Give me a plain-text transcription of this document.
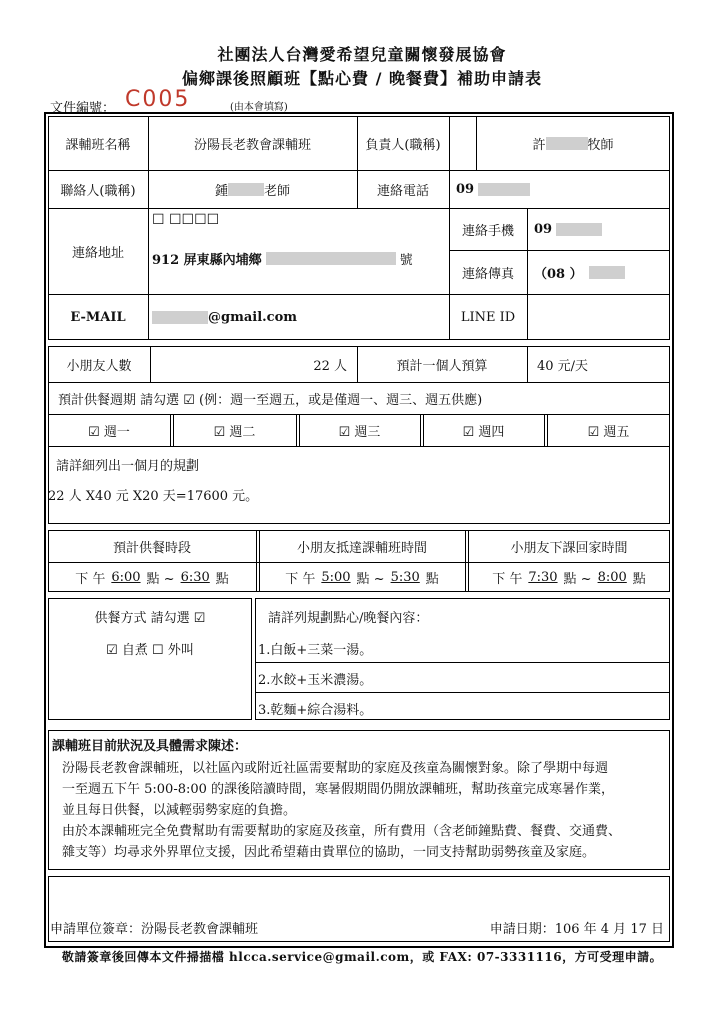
社團法人台灣愛希望兒童關懷發展協會
偏鄉課後照顧班【點心費 / 晚餐費】補助申請表
文件編號： C005	(由本會填寫)
課輔班名稱	汾陽長老教會課輔班	負責人(職稱)	許	牧師
聯絡人(職稱)	鍾	老師	連絡電話	09
連絡地址
☐ ☐☐☐☐
912 屏東縣內埔鄉	號
連絡手機	09
連絡傳真	（08 ）
E-MAIL	@gmail.com	LINE ID
小朋友人數	22 人	預計一個人預算	40 元/天
預計供餐週期 請勾選 ☑ (例：週一至週五，或是僅週一、週三、週五供應)
☑ 週一	☑ 週二	☑ 週三	☑ 週四	☑ 週五
請詳細列出一個月的規劃
22 人 X40 元 X20 天=17600 元。
預計供餐時段	小朋友抵達課輔班時間	小朋友下課回家時間
下 午 6:00 點 ~ 6:30 點	下 午 5:00 點 ~ 5:30 點	下 午 7:30 點 ~ 8:00 點
供餐方式 請勾選 ☑
☑ 自煮 ☐ 外叫
請詳列規劃點心/晚餐內容：
1.白飯+三菜一湯。
2.水餃+玉米濃湯。
3.乾麵+綜合湯料。
課輔班目前狀況及具體需求陳述：
汾陽長老教會課輔班，以社區內或附近社區需要幫助的家庭及孩童為關懷對象。除了學期中每週
一至週五下午 5:00-8:00 的課後陪讀時間，寒暑假期間仍開放課輔班，幫助孩童完成寒暑作業，
並且每日供餐，以減輕弱勢家庭的負擔。
由於本課輔班完全免費幫助有需要幫助的家庭及孩童，所有費用（含老師鐘點費、餐費、交通費、
雜支等）均尋求外界單位支援，因此希望藉由貴單位的協助，一同支持幫助弱勢孩童及家庭。
申請單位簽章：汾陽長老教會課輔班	申請日期：106 年 4 月 17 日
敬請簽章後回傳本文件掃描檔 hlcca.service@gmail.com，或 FAX: 07-3331116，方可受理申請。
